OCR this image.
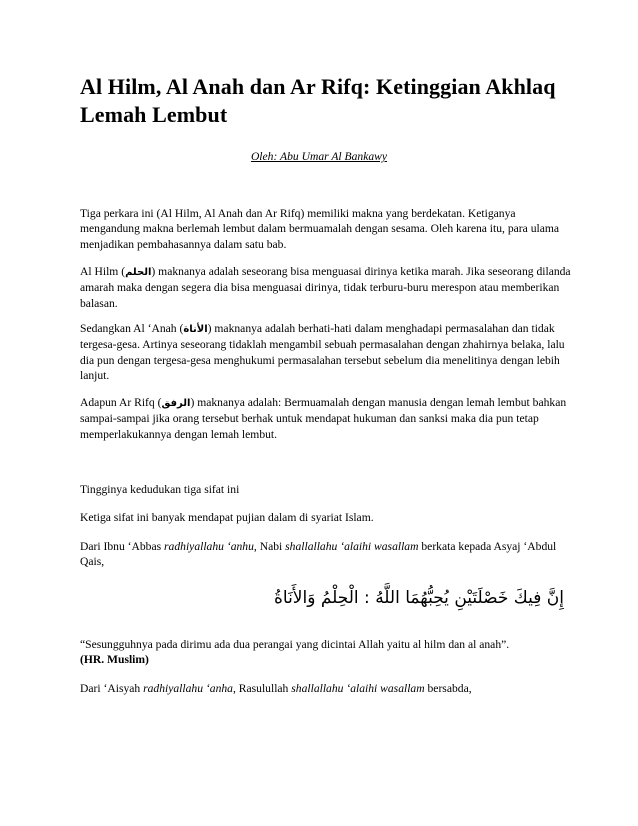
Al Hilm, Al Anah dan Ar Rifq: Ketinggian Akhlaq Lemah Lembut
Oleh: Abu Umar Al Bankawy

Tiga perkara ini (Al Hilm, Al Anah dan Ar Rifq) memiliki makna yang berdekatan. Ketiganya mengandung makna berlemah lembut dalam bermuamalah dengan sesama. Oleh karena itu, para ulama menjadikan pembahasannya dalam satu bab.

Al Hilm (الحلم) maknanya adalah seseorang bisa menguasai dirinya ketika marah. Jika seseorang dilanda amarah maka dengan segera dia bisa menguasai dirinya, tidak terburu-buru merespon atau memberikan balasan.

Sedangkan Al ‘Anah (الأناة) maknanya adalah berhati-hati dalam menghadapi permasalahan dan tidak tergesa-gesa. Artinya seseorang tidaklah mengambil sebuah permasalahan dengan zhahirnya belaka, lalu dia pun dengan tergesa-gesa menghukumi permasalahan tersebut sebelum dia menelitinya dengan lebih lanjut.

Adapun Ar Rifq (الرفق) maknanya adalah: Bermuamalah dengan manusia dengan lemah lembut bahkan sampai-sampai jika orang tersebut berhak untuk mendapat hukuman dan sanksi maka dia pun tetap memperlakukannya dengan lemah lembut.

Tingginya kedudukan tiga sifat ini

Ketiga sifat ini banyak mendapat pujian dalam di syariat Islam.

Dari Ibnu ‘Abbas radhiyallahu ‘anhu, Nabi shallallahu ‘alaihi wasallam berkata kepada Asyaj ‘Abdul Qais,

إِنَّ فِيكَ خَصْلَتَيْنِ يُحِبُّهُمَا اللَّهُ : الْحِلْمُ وَالأَنَاةُ

“Sesungguhnya pada dirimu ada dua perangai yang dicintai Allah yaitu al hilm dan al anah”.
(HR. Muslim)

Dari ‘Aisyah radhiyallahu ‘anha, Rasulullah shallallahu ‘alaihi wasallam bersabda,
